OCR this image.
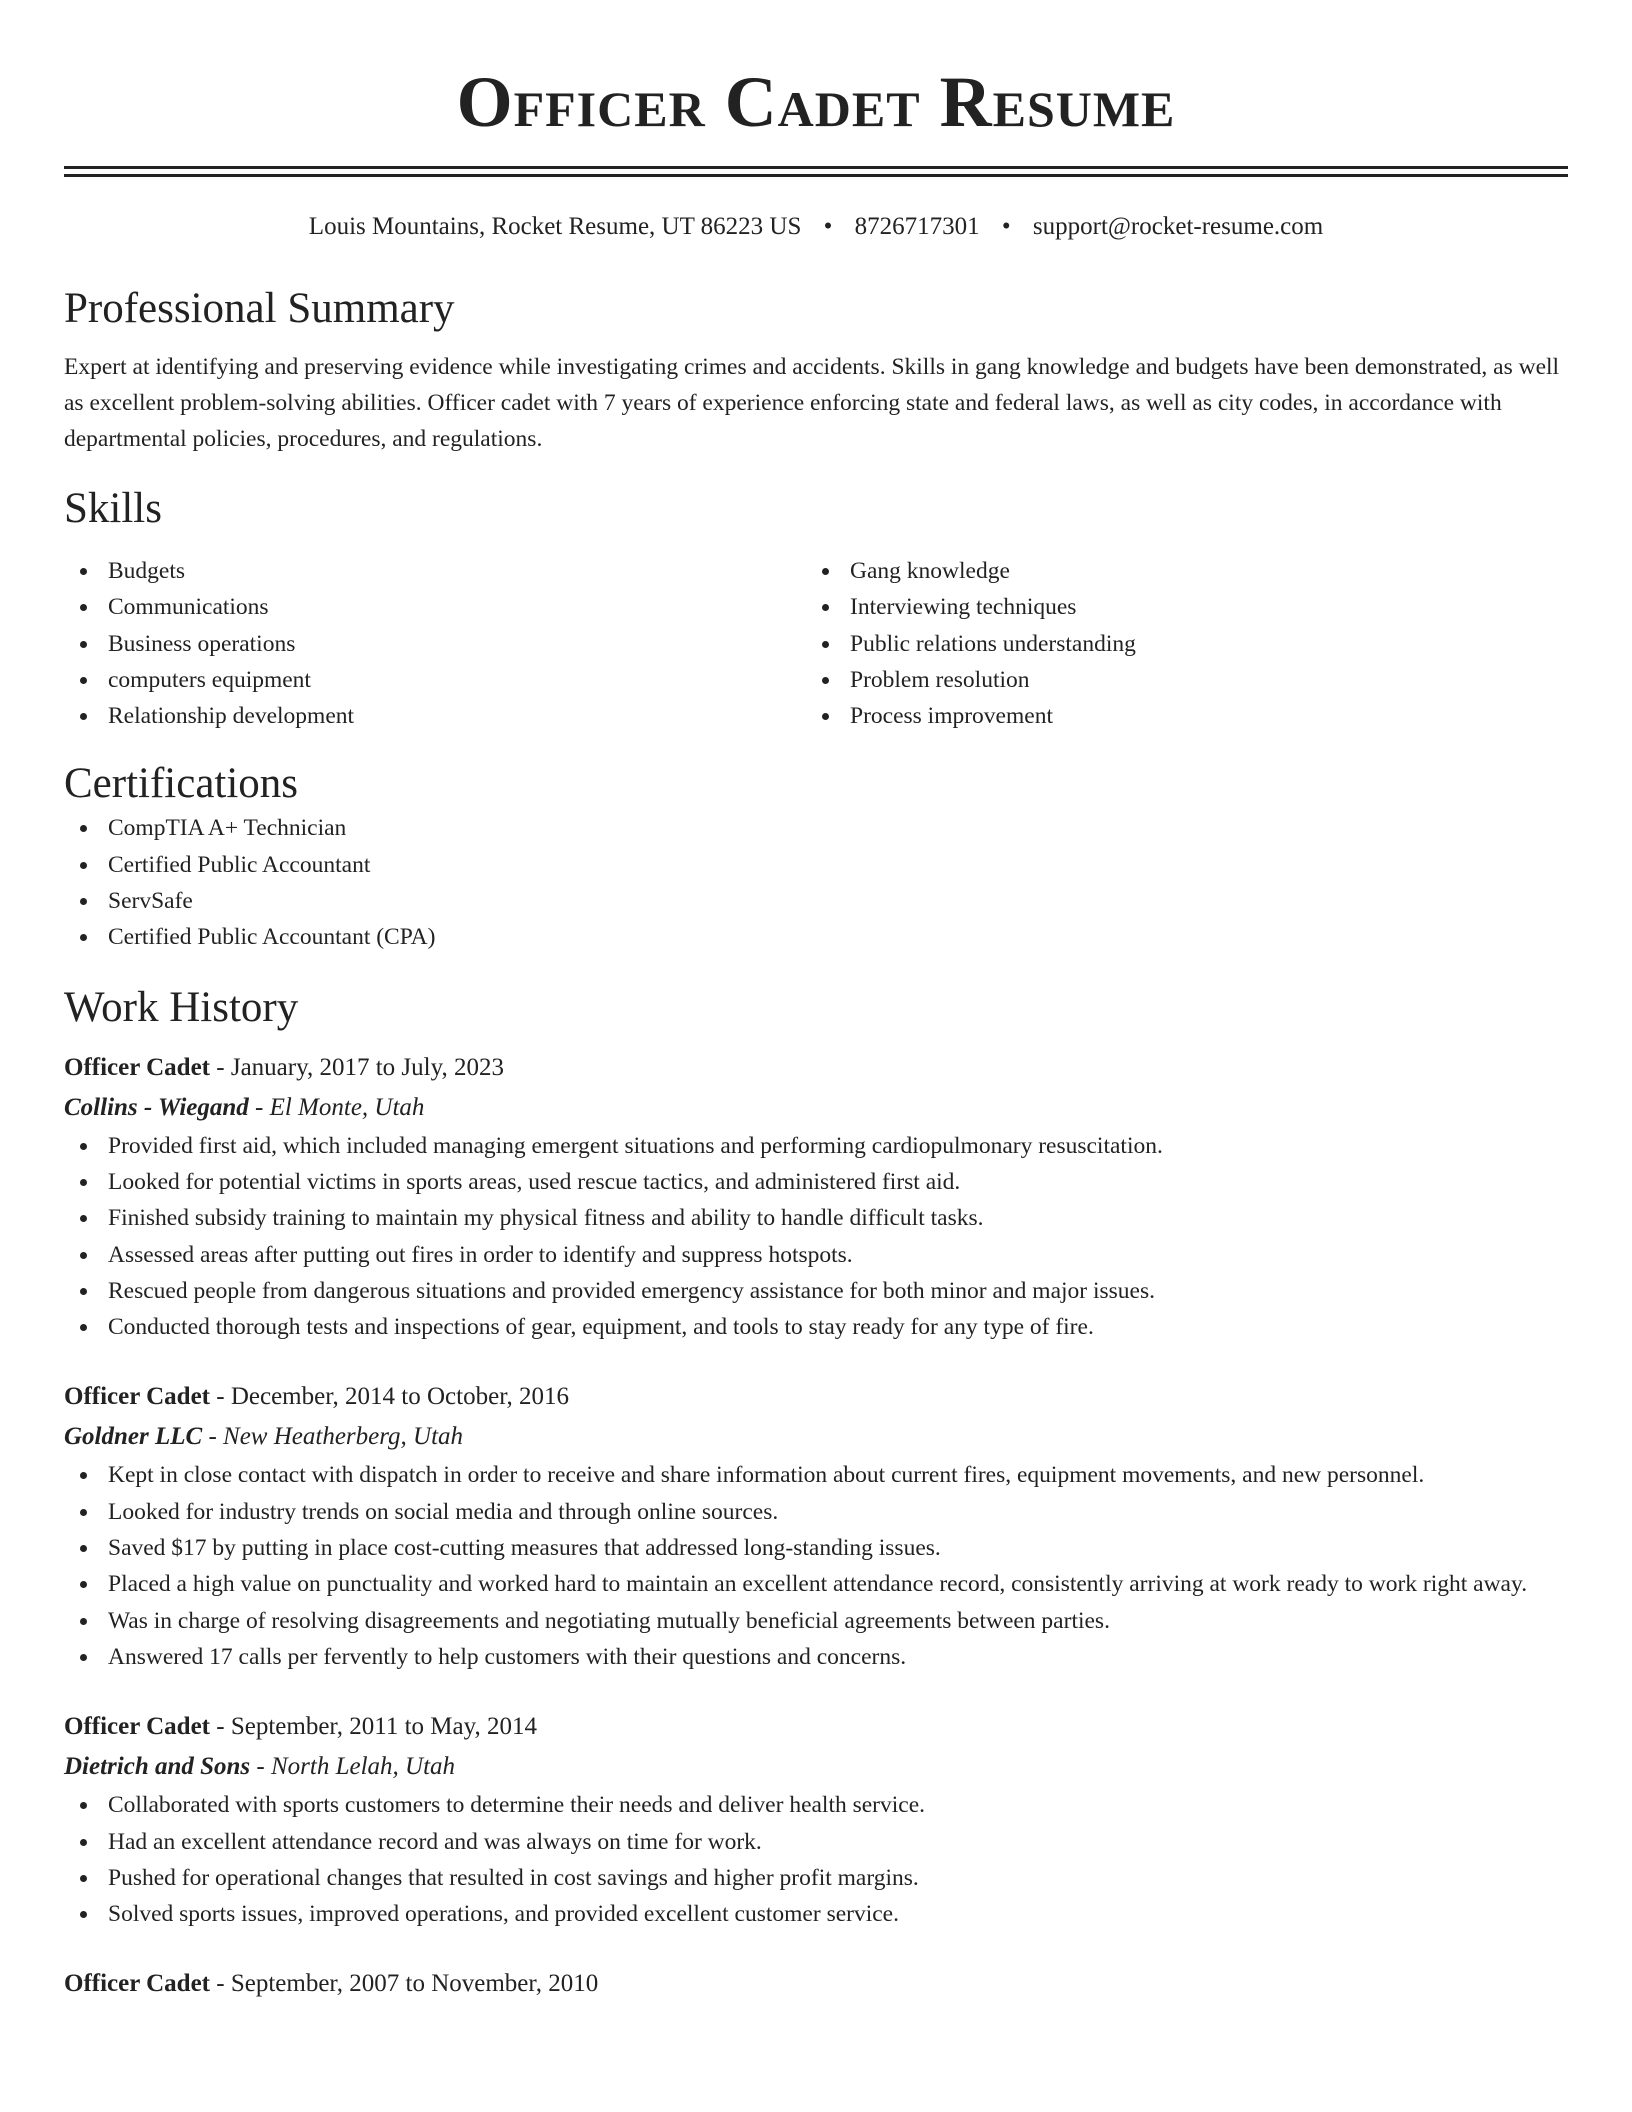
Officer Cadet Resume
Louis Mountains, Rocket Resume, UT 86223 US • 8726717301 • support@rocket-resume.com
Professional Summary
Expert at identifying and preserving evidence while investigating crimes and accidents. Skills in gang knowledge and budgets have been demonstrated, as well as excellent problem-solving abilities. Officer cadet with 7 years of experience enforcing state and federal laws, as well as city codes, in accordance with departmental policies, procedures, and regulations.
Skills
Budgets
Communications
Business operations
computers equipment
Relationship development
Gang knowledge
Interviewing techniques
Public relations understanding
Problem resolution
Process improvement
Certifications
CompTIA A+ Technician
Certified Public Accountant
ServSafe
Certified Public Accountant (CPA)
Work History
Officer Cadet - January, 2017 to July, 2023
Collins - Wiegand - El Monte, Utah
Provided first aid, which included managing emergent situations and performing cardiopulmonary resuscitation.
Looked for potential victims in sports areas, used rescue tactics, and administered first aid.
Finished subsidy training to maintain my physical fitness and ability to handle difficult tasks.
Assessed areas after putting out fires in order to identify and suppress hotspots.
Rescued people from dangerous situations and provided emergency assistance for both minor and major issues.
Conducted thorough tests and inspections of gear, equipment, and tools to stay ready for any type of fire.
Officer Cadet - December, 2014 to October, 2016
Goldner LLC - New Heatherberg, Utah
Kept in close contact with dispatch in order to receive and share information about current fires, equipment movements, and new personnel.
Looked for industry trends on social media and through online sources.
Saved $17 by putting in place cost-cutting measures that addressed long-standing issues.
Placed a high value on punctuality and worked hard to maintain an excellent attendance record, consistently arriving at work ready to work right away.
Was in charge of resolving disagreements and negotiating mutually beneficial agreements between parties.
Answered 17 calls per fervently to help customers with their questions and concerns.
Officer Cadet - September, 2011 to May, 2014
Dietrich and Sons - North Lelah, Utah
Collaborated with sports customers to determine their needs and deliver health service.
Had an excellent attendance record and was always on time for work.
Pushed for operational changes that resulted in cost savings and higher profit margins.
Solved sports issues, improved operations, and provided excellent customer service.
Officer Cadet - September, 2007 to November, 2010
